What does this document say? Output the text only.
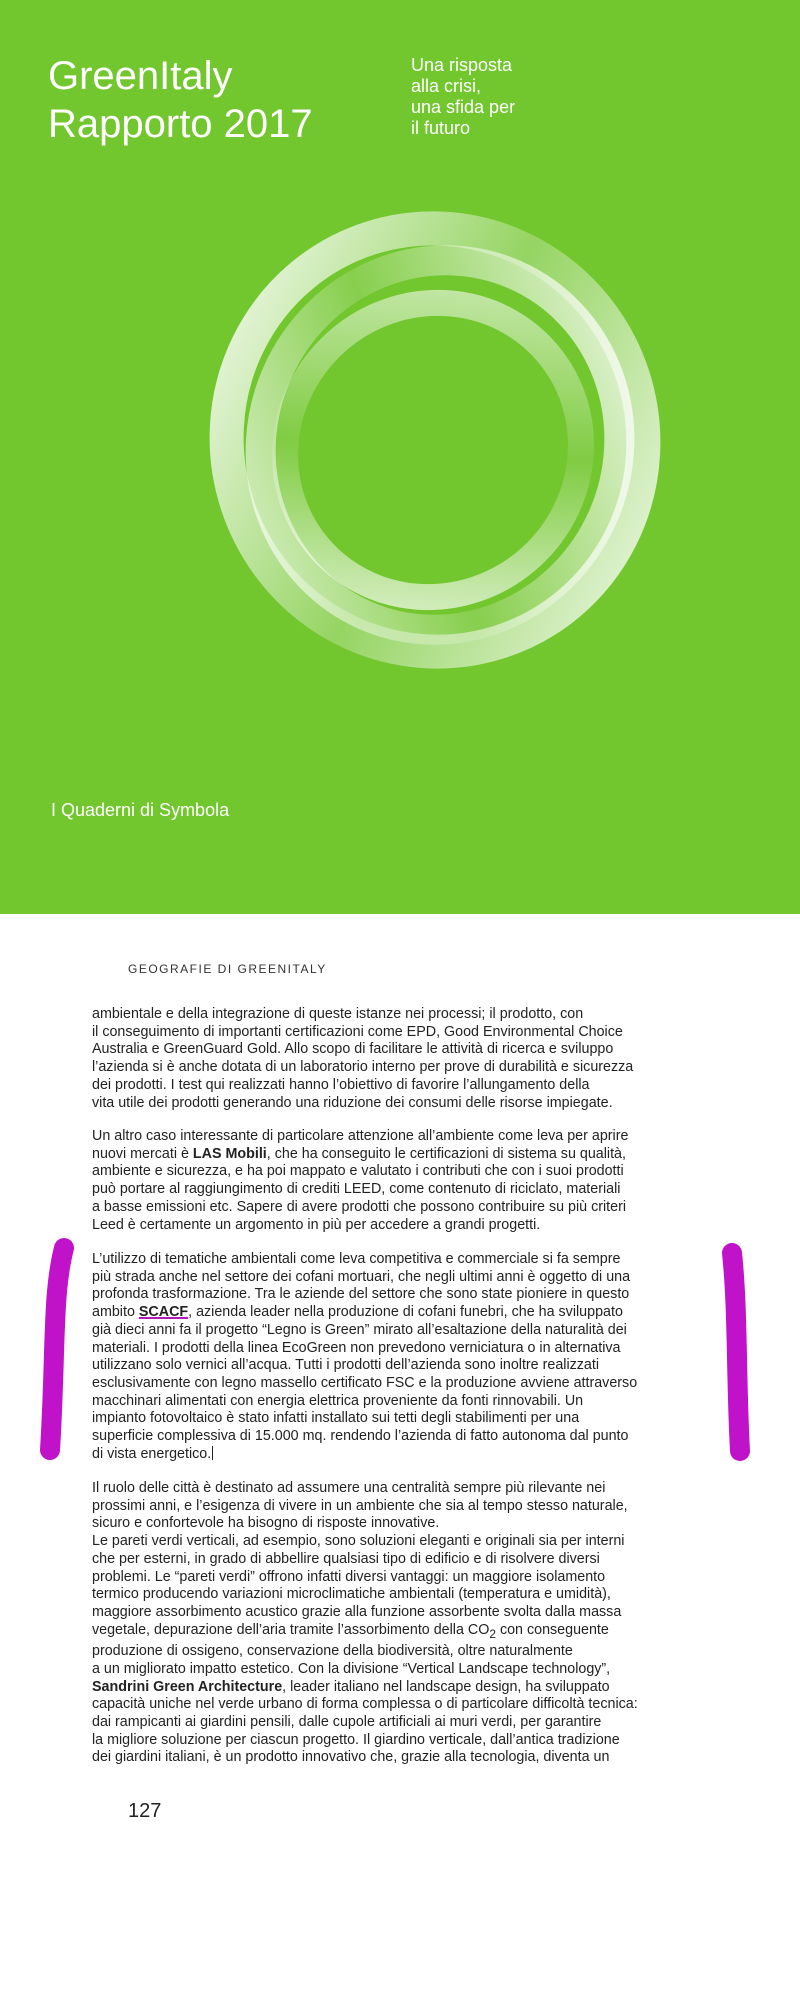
GreenItaly
Rapporto 2017
Una risposta
alla crisi,
una sfida per
il futuro
I Quaderni di Symbola
GEOGRAFIE DI GREENITALY
ambientale e della integrazione di queste istanze nei processi; il prodotto, con
il conseguimento di importanti certificazioni come EPD, Good Environmental Choice
Australia e GreenGuard Gold. Allo scopo di facilitare le attività di ricerca e sviluppo
l’azienda si è anche dotata di un laboratorio interno per prove di durabilità e sicurezza
dei prodotti. I test qui realizzati hanno l’obiettivo di favorire l’allungamento della
vita utile dei prodotti generando una riduzione dei consumi delle risorse impiegate.
Un altro caso interessante di particolare attenzione all’ambiente come leva per aprire
nuovi mercati è LAS Mobili, che ha conseguito le certificazioni di sistema su qualità,
ambiente e sicurezza, e ha poi mappato e valutato i contributi che con i suoi prodotti
può portare al raggiungimento di crediti LEED, come contenuto di riciclato, materiali
a basse emissioni etc. Sapere di avere prodotti che possono contribuire su più criteri
Leed è certamente un argomento in più per accedere a grandi progetti.
L’utilizzo di tematiche ambientali come leva competitiva e commerciale si fa sempre
più strada anche nel settore dei cofani mortuari, che negli ultimi anni è oggetto di una
profonda trasformazione. Tra le aziende del settore che sono state pioniere in questo
ambito SCACF, azienda leader nella produzione di cofani funebri, che ha sviluppato
già dieci anni fa il progetto “Legno is Green” mirato all’esaltazione della naturalità dei
materiali. I prodotti della linea EcoGreen non prevedono verniciatura o in alternativa
utilizzano solo vernici all’acqua. Tutti i prodotti dell’azienda sono inoltre realizzati
esclusivamente con legno massello certificato FSC e la produzione avviene attraverso
macchinari alimentati con energia elettrica proveniente da fonti rinnovabili. Un
impianto fotovoltaico è stato infatti installato sui tetti degli stabilimenti per una
superficie complessiva di 15.000 mq. rendendo l’azienda di fatto autonoma dal punto
di vista energetico.
Il ruolo delle città è destinato ad assumere una centralità sempre più rilevante nei
prossimi anni, e l’esigenza di vivere in un ambiente che sia al tempo stesso naturale,
sicuro e confortevole ha bisogno di risposte innovative.
Le pareti verdi verticali, ad esempio, sono soluzioni eleganti e originali sia per interni
che per esterni, in grado di abbellire qualsiasi tipo di edificio e di risolvere diversi
problemi. Le “pareti verdi” offrono infatti diversi vantaggi: un maggiore isolamento
termico producendo variazioni microclimatiche ambientali (temperatura e umidità),
maggiore assorbimento acustico grazie alla funzione assorbente svolta dalla massa
vegetale, depurazione dell’aria tramite l’assorbimento della $CO_2$ con conseguente
produzione di ossigeno, conservazione della biodiversità, oltre naturalmente
a un migliorato impatto estetico. Con la divisione “Vertical Landscape technology”,
Sandrini Green Architecture, leader italiano nel landscape design, ha sviluppato
capacità uniche nel verde urbano di forma complessa o di particolare difficoltà tecnica:
dai rampicanti ai giardini pensili, dalle cupole artificiali ai muri verdi, per garantire
la migliore soluzione per ciascun progetto. Il giardino verticale, dall’antica tradizione
dei giardini italiani, è un prodotto innovativo che, grazie alla tecnologia, diventa un
127
